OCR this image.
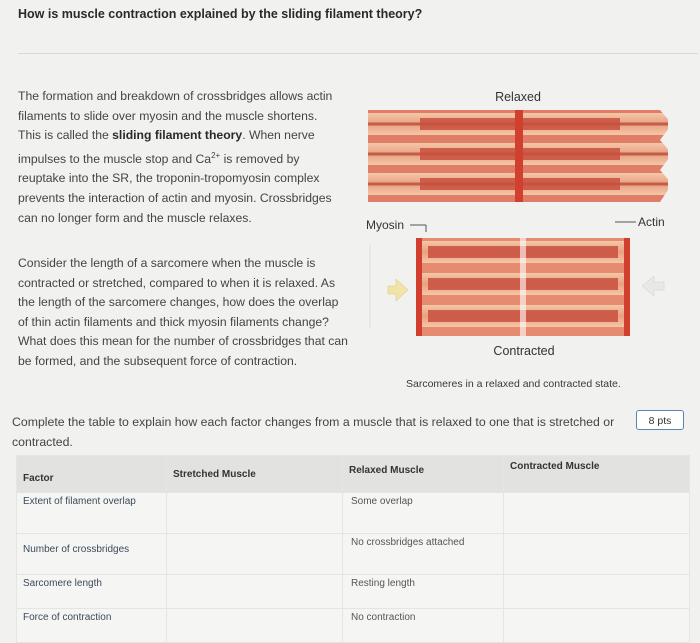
How is muscle contraction explained by the sliding filament theory?
The formation and breakdown of crossbridges allows actin filaments to slide over myosin and the muscle shortens. This is called the sliding filament theory. When nerve impulses to the muscle stop and $Ca^{2+}$ is removed by reuptake into the SR, the troponin-tropomyosin complex prevents the interaction of actin and myosin. Crossbridges can no longer form and the muscle relaxes.
Consider the length of a sarcomere when the muscle is contracted or stretched, compared to when it is relaxed. As the length of the sarcomere changes, how does the overlap of thin actin filaments and thick myosin filaments change? What does this mean for the number of crossbridges that can be formed, and the subsequent force of contraction.
Relaxed
Myosin	Actin
Contracted
Sarcomeres in a relaxed and contracted state.
Complete the table to explain how each factor changes from a muscle that is relaxed to one that is stretched or contracted.
8 pts
Factor	Stretched Muscle	Relaxed Muscle	Contracted Muscle

Extent of filament overlap		Some overlap	
Number of crossbridges		No crossbridges attached	
Sarcomere length		Resting length	
Force of contraction		No contraction	
